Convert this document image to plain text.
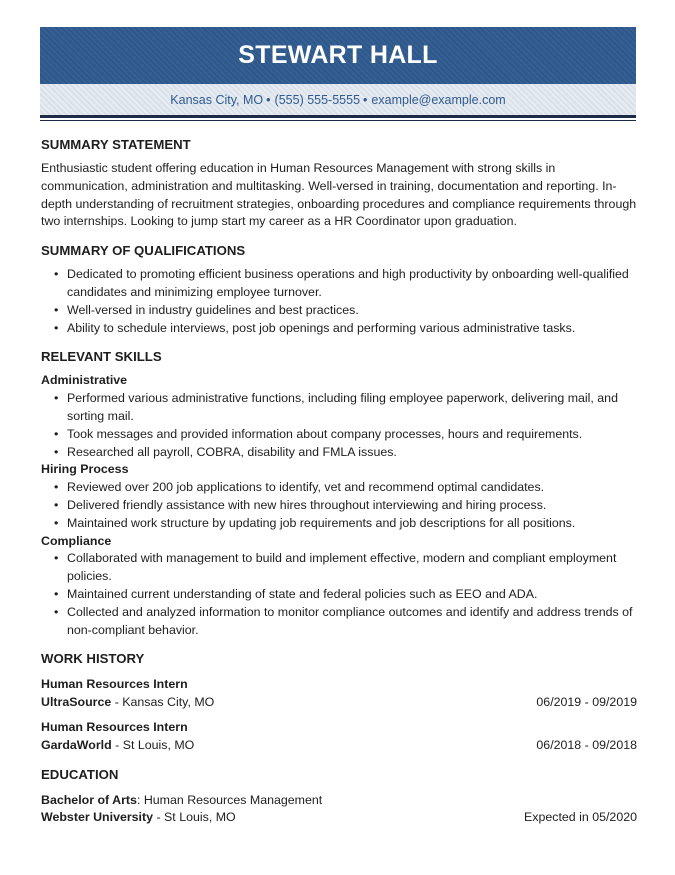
STEWART HALL
Kansas City, MO • (555) 555-5555 • example@example.com
SUMMARY STATEMENT

Enthusiastic student offering education in Human Resources Management with strong skills in communication, administration and multitasking. Well-versed in training, documentation and reporting. In-depth understanding of recruitment strategies, onboarding procedures and compliance requirements through two internships. Looking to jump start my career as a HR Coordinator upon graduation.

SUMMARY OF QUALIFICATIONS
• Dedicated to promoting efficient business operations and high productivity by onboarding well-qualified candidates and minimizing employee turnover.
• Well-versed in industry guidelines and best practices.
• Ability to schedule interviews, post job openings and performing various administrative tasks.
RELEVANT SKILLS
Administrative
• Performed various administrative functions, including filing employee paperwork, delivering mail, and sorting mail.
• Took messages and provided information about company processes, hours and requirements.
• Researched all payroll, COBRA, disability and FMLA issues.
Hiring Process
• Reviewed over 200 job applications to identify, vet and recommend optimal candidates.
• Delivered friendly assistance with new hires throughout interviewing and hiring process.
• Maintained work structure by updating job requirements and job descriptions for all positions.
Compliance
• Collaborated with management to build and implement effective, modern and compliant employment policies.
• Maintained current understanding of state and federal policies such as EEO and ADA.
• Collected and analyzed information to monitor compliance outcomes and identify and address trends of non-compliant behavior.
WORK HISTORY
Human Resources Intern
UltraSource - Kansas City, MO	06/2019 - 09/2019
Human Resources Intern
GardaWorld - St Louis, MO	06/2018 - 09/2018
EDUCATION
Bachelor of Arts: Human Resources Management
Webster University - St Louis, MO	Expected in 05/2020
